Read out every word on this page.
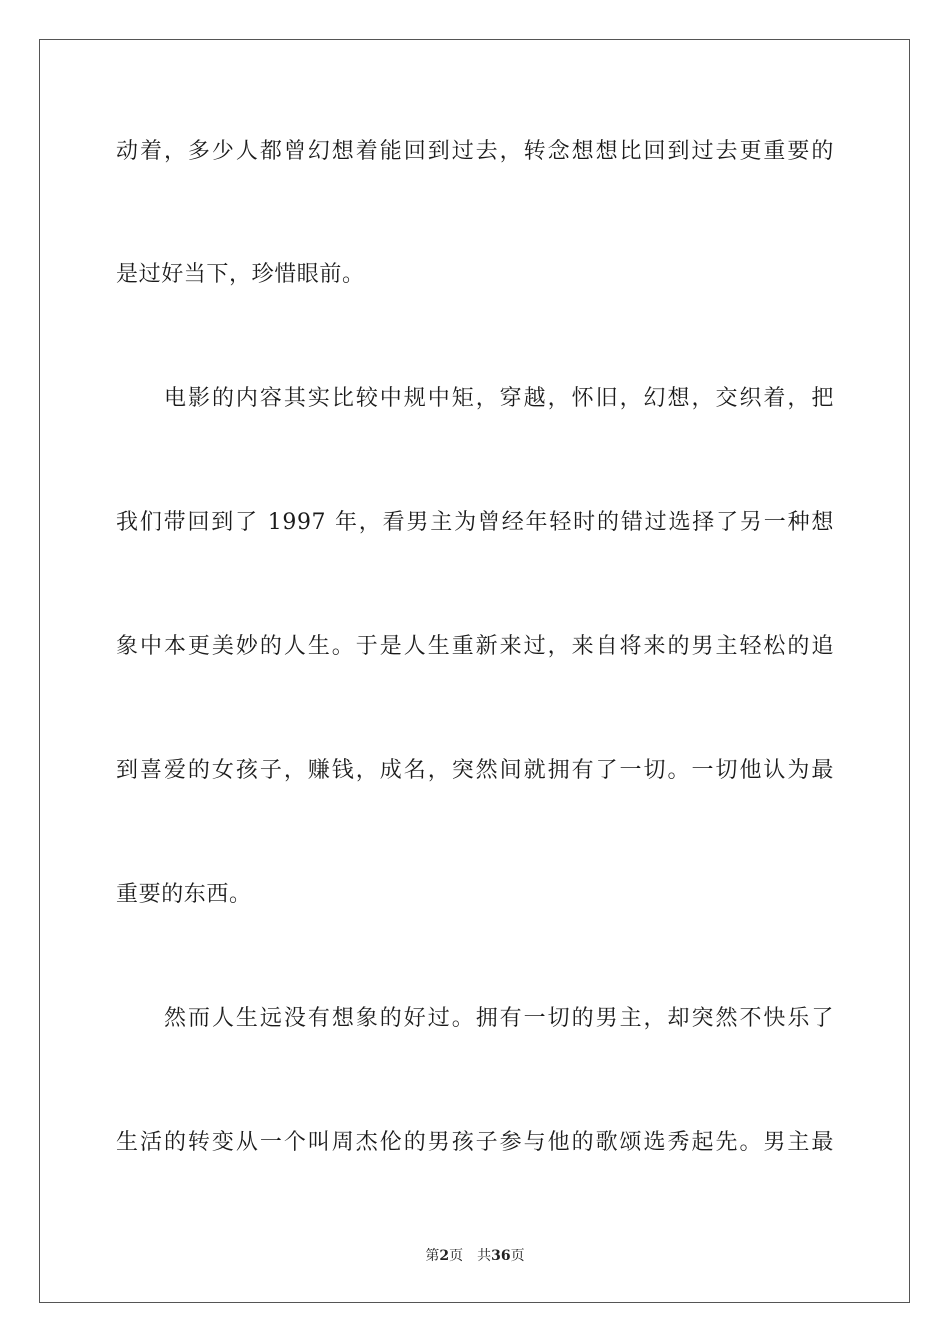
动着，多少人都曾幻想着能回到过去，转念想想比回到过去更重要的
是过好当下，珍惜眼前。
电影的内容其实比较中规中矩，穿越，怀旧，幻想，交织着，把
我们带回到了 1997 年，看男主为曾经年轻时的错过选择了另一种想
象中本更美妙的人生。于是人生重新来过，来自将来的男主轻松的追
到喜爱的女孩子，赚钱，成名，突然间就拥有了一切。一切他认为最
重要的东西。
然而人生远没有想象的好过。拥有一切的男主，却突然不快乐了
生活的转变从一个叫周杰伦的男孩子参与他的歌颂选秀起先。男主最
第2页 共36页
